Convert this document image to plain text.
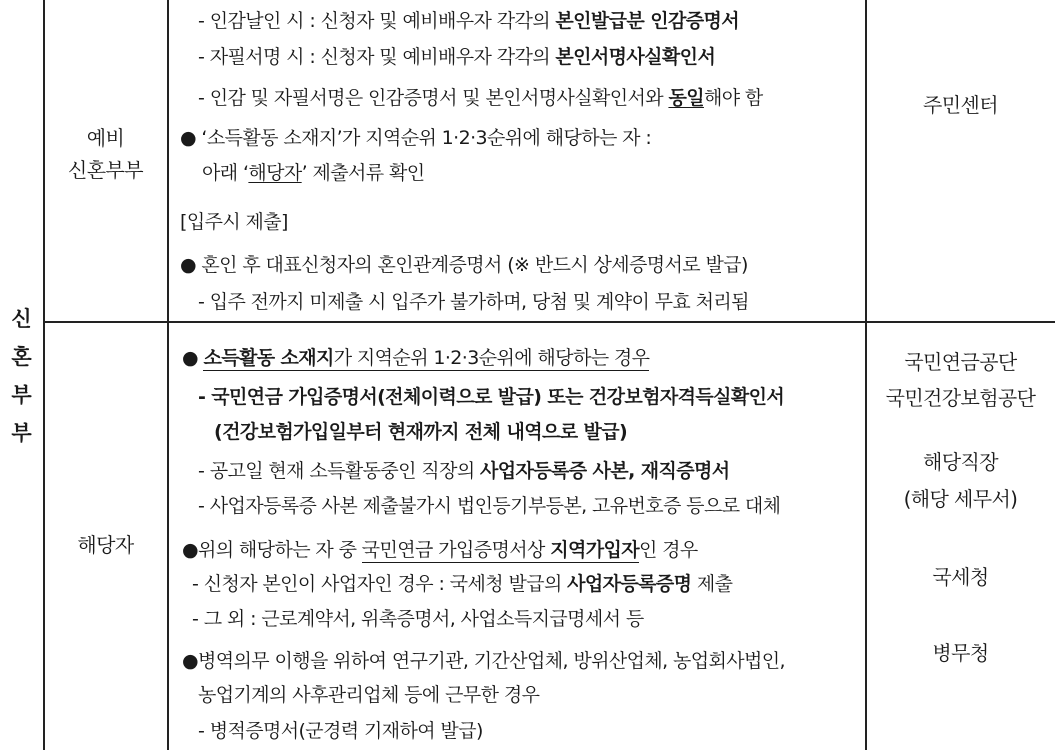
신
혼
부
부
예비
신혼부부
주민센터
- 인감날인 시 : 신청자 및 예비배우자 각각의 본인발급분 인감증명서
- 자필서명 시 : 신청자 및 예비배우자 각각의 본인서명사실확인서
- 인감 및 자필서명은 인감증명서 및 본인서명사실확인서와 동일해야 함
● ‘소득활동 소재지’가 지역순위 1·2·3순위에 해당하는 자 :
아래 ‘해당자’ 제출서류 확인
[입주시 제출]
● 혼인 후 대표신청자의 혼인관계증명서 (※ 반드시 상세증명서로 발급)
- 입주 전까지 미제출 시 입주가 불가하며, 당첨 및 계약이 무효 처리됨
해당자
국민연금공단
국민건강보험공단
해당직장
(해당 세무서)
국세청
병무청
● 소득활동 소재지가 지역순위 1·2·3순위에 해당하는 경우
- 국민연금 가입증명서(전체이력으로 발급) 또는 건강보험자격득실확인서
(건강보험가입일부터 현재까지 전체 내역으로 발급)
- 공고일 현재 소득활동중인 직장의 사업자등록증 사본, 재직증명서
- 사업자등록증 사본 제출불가시 법인등기부등본, 고유번호증 등으로 대체
●위의 해당하는 자 중 국민연금 가입증명서상 지역가입자인 경우
- 신청자 본인이 사업자인 경우 : 국세청 발급의 사업자등록증명 제출
- 그 외 : 근로계약서, 위촉증명서, 사업소득지급명세서 등
●병역의무 이행을 위하여 연구기관, 기간산업체, 방위산업체, 농업회사법인,
농업기계의 사후관리업체 등에 근무한 경우
- 병적증명서(군경력 기재하여 발급)
